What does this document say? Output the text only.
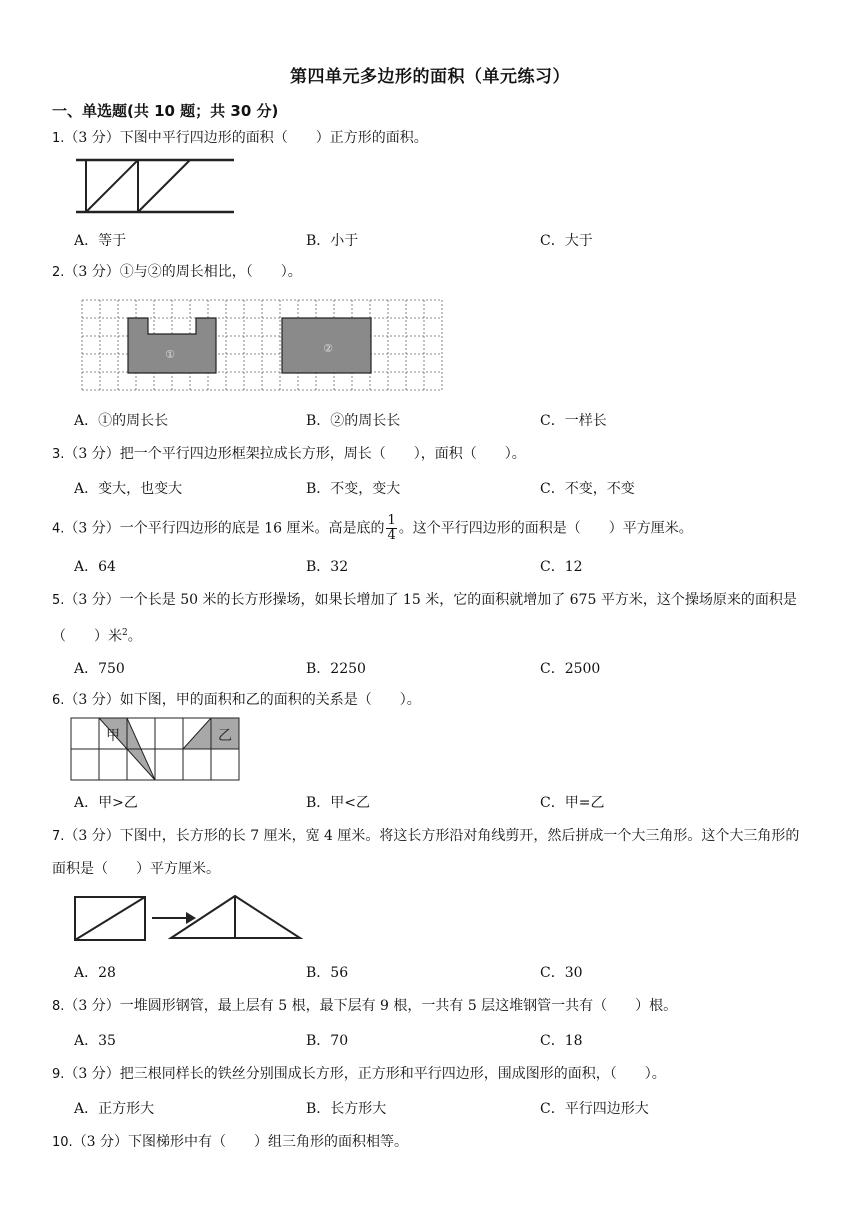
第四单元多边形的面积（单元练习）
一、单选题(共 10 题；共 30 分)
1.（3 分）下图中平行四边形的面积（　　）正方形的面积。
A．等于	B．小于	C．大于
2.（3 分）①与②的周长相比，（　　）。
①	②
A．①的周长长	B．②的周长长	C．一样长
3.（3 分）把一个平行四边形框架拉成长方形，周长（　　），面积（　　）。
A．变大，也变大	B．不变，变大	C．不变，不变
4.（3 分）一个平行四边形的底是 16 厘米。高是底的 $\frac{1}{4}$ 。这个平行四边形的面积是（　　）平方厘米。
A．64	B．32	C．12
5.（3 分）一个长是 50 米的长方形操场，如果长增加了 15 米，它的面积就增加了 675 平方米，这个操场原来的面积是（　　）米$^2$。
A．750	B．2250	C．2500
6.（3 分）如下图，甲的面积和乙的面积的关系是（　　）。
甲	乙
A．甲>乙	B．甲<乙	C．甲=乙
7.（3 分）下图中，长方形的长 7 厘米，宽 4 厘米。将这长方形沿对角线剪开，然后拼成一个大三角形。这个大三角形的面积是（　　）平方厘米。
A．28	B．56	C．30
8.（3 分）一堆圆形钢管，最上层有 5 根，最下层有 9 根，一共有 5 层这堆钢管一共有（　　）根。
A．35	B．70	C．18
9.（3 分）把三根同样长的铁丝分别围成长方形，正方形和平行四边形，围成图形的面积，（　　）。
A．正方形大	B．长方形大	C．平行四边形大
10.（3 分）下图梯形中有（　　）组三角形的面积相等。
